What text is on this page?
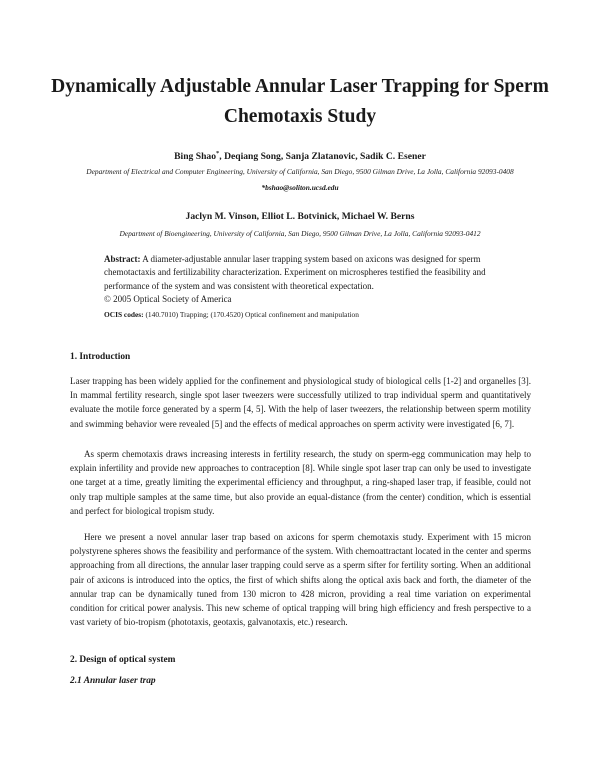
Dynamically Adjustable Annular Laser Trapping for Sperm Chemotaxis Study

Bing Shao*, Deqiang Song, Sanja Zlatanovic, Sadik C. Esener

Department of Electrical and Computer Engineering, University of California, San Diego, 9500 Gilman Drive, La Jolla, California 92093-0408

*bshao@soliton.ucsd.edu

Jaclyn M. Vinson, Elliot L. Botvinick, Michael W. Berns

Department of Bioengineering, University of California, San Diego, 9500 Gilman Drive, La Jolla, California 92093-0412

Abstract: A diameter-adjustable annular laser trapping system based on axicons was designed for sperm chemotactaxis and fertilizability characterization. Experiment on microspheres testified the feasibility and performance of the system and was consistent with theoretical expectation.

© 2005 Optical Society of America

OCIS codes: (140.7010) Trapping; (170.4520) Optical confinement and manipulation

1. Introduction

Laser trapping has been widely applied for the confinement and physiological study of biological cells [1-2] and organelles [3]. In mammal fertility research, single spot laser tweezers were successfully utilized to trap individual sperm and quantitatively evaluate the motile force generated by a sperm [4, 5]. With the help of laser tweezers, the relationship between sperm motility and swimming behavior were revealed [5] and the effects of medical approaches on sperm activity were investigated [6, 7].

As sperm chemotaxis draws increasing interests in fertility research, the study on sperm-egg communication may help to explain infertility and provide new approaches to contraception [8]. While single spot laser trap can only be used to investigate one target at a time, greatly limiting the experimental efficiency and throughput, a ring-shaped laser trap, if feasible, could not only trap multiple samples at the same time, but also provide an equal-distance (from the center) condition, which is essential and perfect for biological tropism study.

Here we present a novel annular laser trap based on axicons for sperm chemotaxis study. Experiment with 15 micron polystyrene spheres shows the feasibility and performance of the system. With chemoattractant located in the center and sperms approaching from all directions, the annular laser trapping could serve as a sperm sifter for fertility sorting. When an additional pair of axicons is introduced into the optics, the first of which shifts along the optical axis back and forth, the diameter of the annular trap can be dynamically tuned from 130 micron to 428 micron, providing a real time variation on experimental condition for critical power analysis. This new scheme of optical trapping will bring high efficiency and fresh perspective to a vast variety of bio-tropism (phototaxis, geotaxis, galvanotaxis, etc.) research.

2. Design of optical system
2.1 Annular laser trap
